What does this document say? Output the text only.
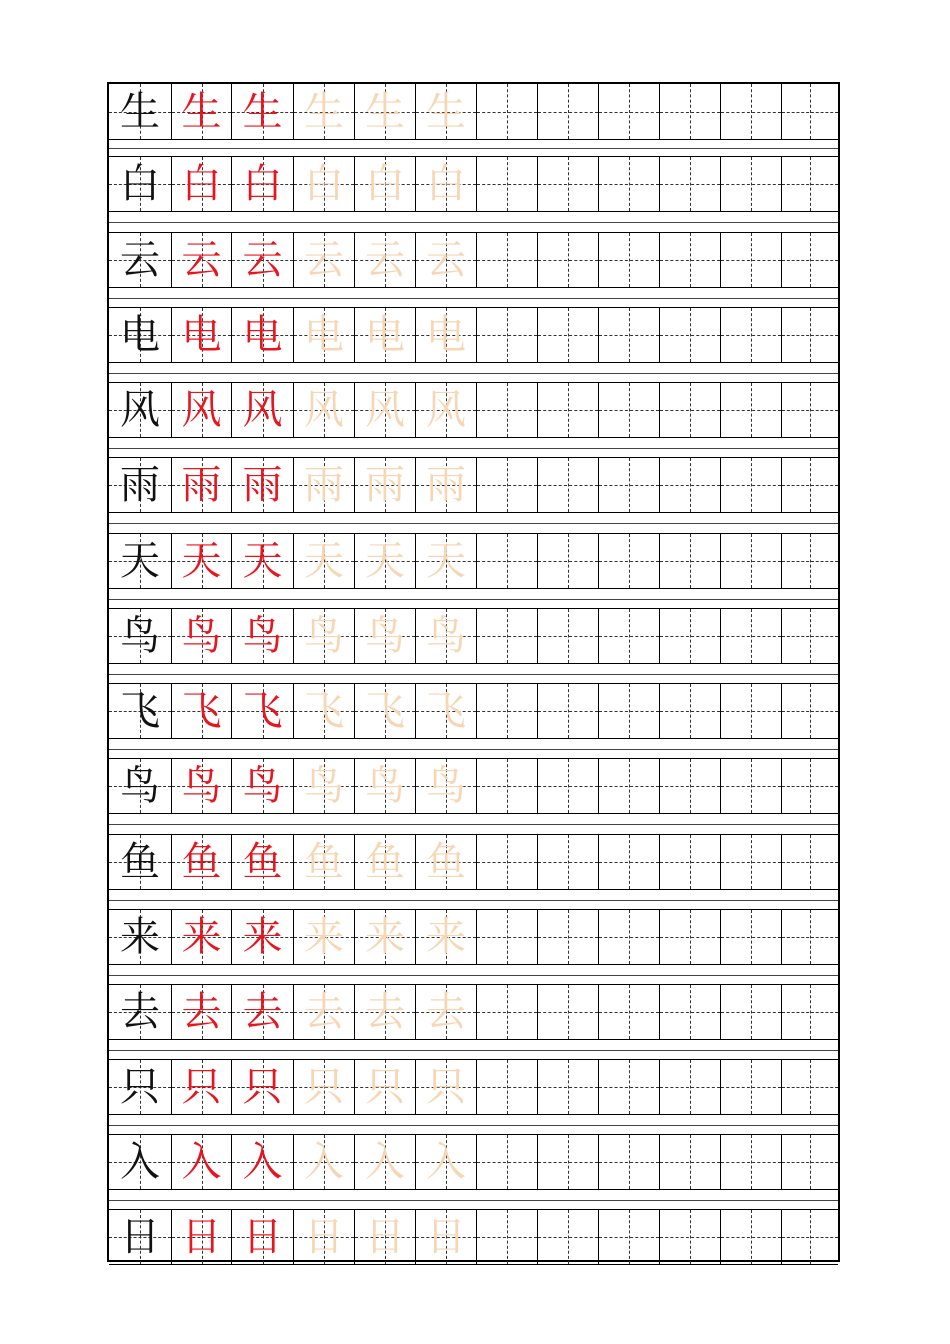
生 生 生 生 生 生
白 白 白 白 白 白
云 云 云 云 云 云
电 电 电 电 电 电
风 风 风 风 风 风
雨 雨 雨 雨 雨 雨
天 天 天 天 天 天
鸟 鸟 鸟 鸟 鸟 鸟
飞 飞 飞 飞 飞 飞
鸟 鸟 鸟 鸟 鸟 鸟
鱼 鱼 鱼 鱼 鱼 鱼
来 来 来 来 来 来
去 去 去 去 去 去
只 只 只 只 只 只
入 入 入 入 入 入
日 日 日 日 日 日
